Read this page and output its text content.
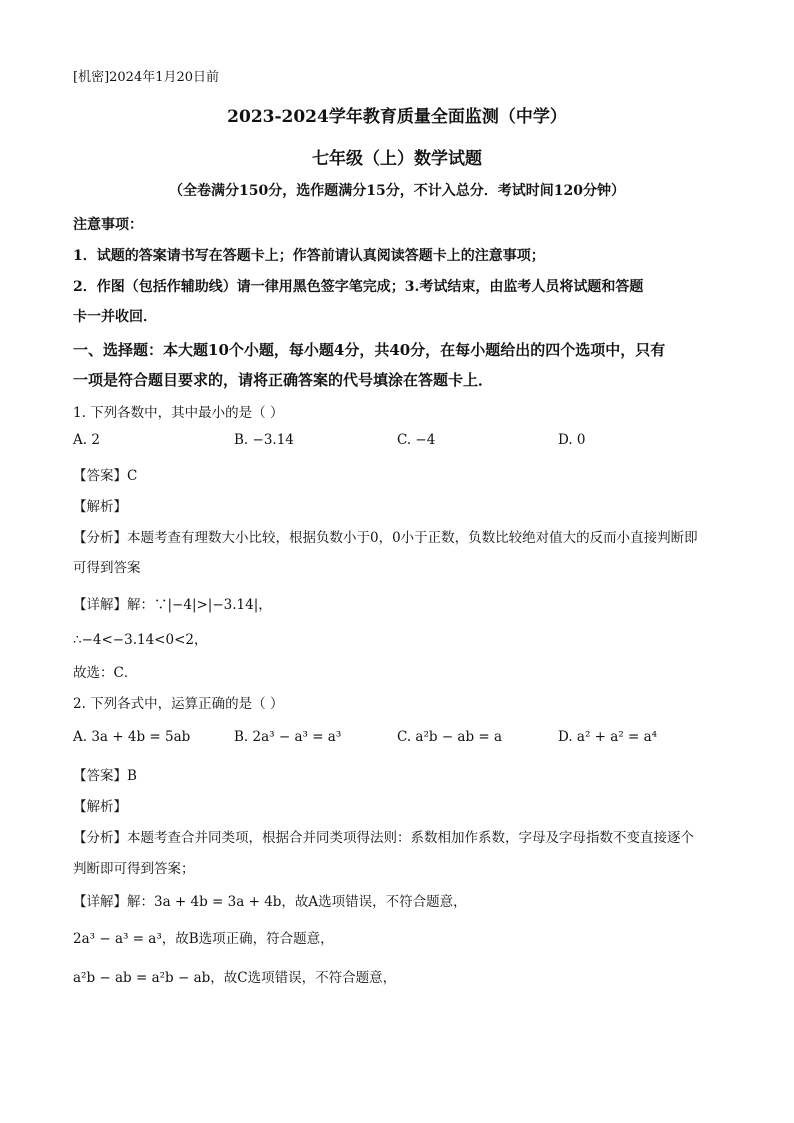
[机密]2024年1月20日前
2023-2024学年教育质量全面监测（中学）
七年级（上）数学试题
（全卷满分150分，选作题满分15分，不计入总分．考试时间120分钟）
注意事项：
1．试题的答案请书写在答题卡上；作答前请认真阅读答题卡上的注意事项；
2．作图（包括作辅助线）请一律用黑色签字笔完成；3.考试结束，由监考人员将试题和答题
卡一并收回．
一、选择题：本大题10个小题，每小题4分，共40分，在每小题给出的四个选项中，只有
一项是符合题目要求的，请将正确答案的代号填涂在答题卡上．
1. 下列各数中，其中最小的是（ ）
A. 2	B. −3.14	C. −4	D. 0
【答案】C
【解析】
【分析】本题考查有理数大小比较，根据负数小于0，0小于正数，负数比较绝对值大的反而小直接判断即
可得到答案
【详解】解：∵|−4|>|−3.14|，
∴−4<−3.14<0<2，
故选：C．
2. 下列各式中，运算正确的是（ ）
A. 3a + 4b = 5ab	B. 2a³ − a³ = a³	C. a²b − ab = a	D. a² + a² = a⁴
【答案】B
【解析】
【分析】本题考查合并同类项，根据合并同类项得法则：系数相加作系数，字母及字母指数不变直接逐个
判断即可得到答案；
【详解】解：3a + 4b = 3a + 4b，故A选项错误，不符合题意，
2a³ − a³ = a³，故B选项正确，符合题意，
a²b − ab = a²b − ab，故C选项错误，不符合题意，
